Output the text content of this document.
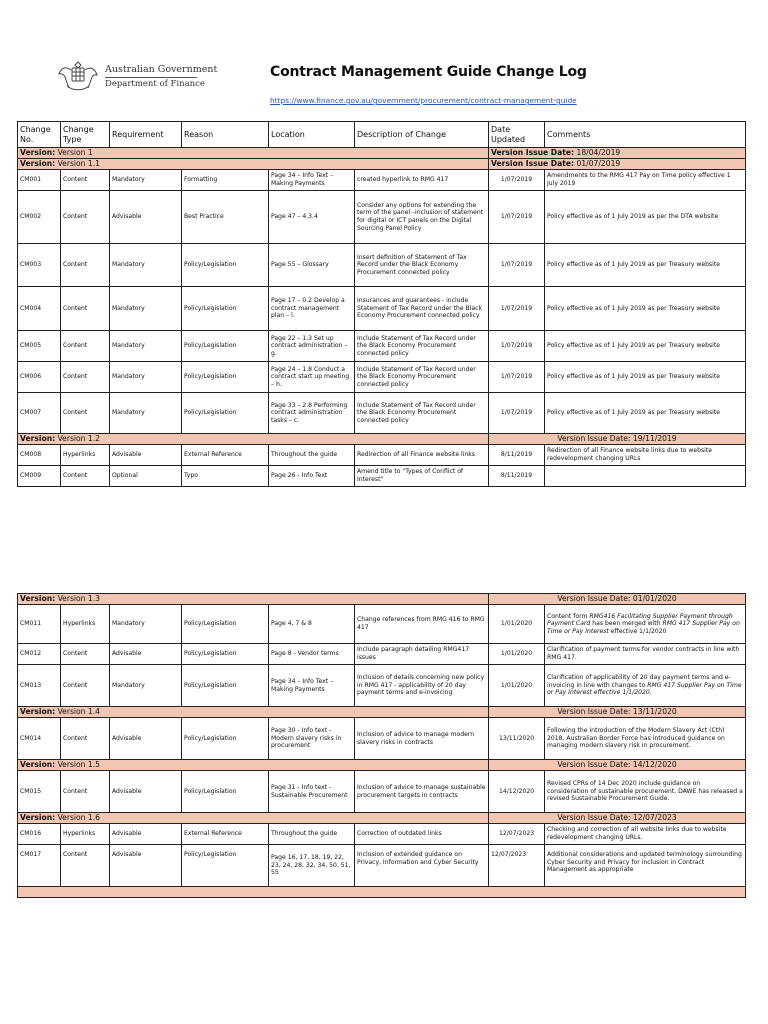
Australian Government
Department of Finance
Contract Management Guide Change Log
https://www.finance.gov.au/government/procurement/contract-management-guide
Change No.	Change Type	Requirement	Reason	Location	Description of Change	Date Updated	Comments
Version: Version 1						Version Issue Date: 18/04/2019	
Version: Version 1.1						Version Issue Date: 01/07/2019	
CM001	Content	Mandatory	Formatting	Page 34 – Info Text – Making Payments	created hyperlink to RMG 417	1/07/2019	Amendments to the RMG 417 Pay on Time policy effective 1 July 2019
CM002	Content	Advisable	Best Practice	Page 47 – 4.3.4	Consider any options for extending the term of the panel –inclusion of statement for digital or ICT panels on the Digital Sourcing Panel Policy	1/07/2019	Policy effective as of 1 July 2019 as per the DTA website
CM003	Content	Mandatory	Policy/Legislation	Page 55 – Glossary	Insert definition of Statement of Tax Record under the Black Economy Procurement connected policy	1/07/2019	Policy effective as of 1 July 2019 as per Treasury website
CM004	Content	Mandatory	Policy/Legislation	Page 17 – 0.2 Develop a contract management plan – l.	Insurances and guarantees - include Statement of Tax Record under the Black Economy Procurement connected policy	1/07/2019	Policy effective as of 1 July 2019 as per Treasury website
CM005	Content	Mandatory	Policy/Legislation	Page 22 – 1.3 Set up contract administration – g.	Include Statement of Tax Record under the Black Economy Procurement connected policy	1/07/2019	Policy effective as of 1 July 2019 as per Treasury website
CM006	Content	Mandatory	Policy/Legislation	Page 24 – 1.8 Conduct a contract start up meeting – h.	Include Statement of Tax Record under the Black Economy Procurement connected policy	1/07/2019	Policy effective as of 1 July 2019 as per Treasury website
CM007	Content	Mandatory	Policy/Legislation	Page 33 – 2.8 Performing contract administration tasks – c.	Include Statement of Tax Record under the Black Economy Procurement connected policy	1/07/2019	Policy effective as of 1 July 2019 as per Treasury website
Version: Version 1.2						Version Issue Date: 19/11/2019	
CM008	Hyperlinks	Advisable	External Reference	Throughout the guide	Redirection of all Finance website links	8/11/2019	Redirection of all Finance website links due to website redevelopment changing URLs
CM009	Content	Optional	Typo	Page 26 - Info Text	Amend title to "Types of Conflict of Interest"	8/11/2019	
Version: Version 1.3						Version Issue Date: 01/01/2020	
CM011	Hyperlinks	Mandatory	Policy/Legislation	Page 4, 7 & 8	Change references from RMG 416 to RMG 417	1/01/2020	Content form RMG416 Facilitating Supplier Payment through Payment Card has been merged with RMG 417 Supplier Pay on Time or Pay Interest effective 1/1/2020
CM012	Content	Advisable	Policy/Legislation	Page 8 - Vendor terms	Include paragraph detailing RMG417 issues	1/01/2020	Clarification of payment terms for vendor contracts in line with RMG 417.
CM013	Content	Mandatory	Policy/Legislation	Page 34 – Info Text – Making Payments	Inclusion of details concerning new policy in RMG 417 - applicability of 20 day payment terms and e-invoicing	1/01/2020	Clarification of applicability of 20 day payment terms and e-invoicing in line with changes to RMG 417 Supplier Pay on Time or Pay Interest effective 1/1/2020.
Version: Version 1.4						Version Issue Date: 13/11/2020	
CM014	Content	Advisable	Policy/Legislation	Page 30 - Info text - Modern slavery risks in procurement	Inclusion of advice to manage modern slavery risks in contracts	13/11/2020	Following the introduction of the Modern Slavery Act (Cth) 2018, Australian Border Force has introduced guidance on managing modern slavery risk in procurement.
Version: Version 1.5						Version Issue Date: 14/12/2020	
CM015	Content	Advisable	Policy/Legislation	Page 31 - Info text - Sustainable Procurement	Inclusion of advice to manage sustainable procurement targets in contracts	14/12/2020	Revised CPRs of 14 Dec 2020 include guidance on consideration of sustainable procurement. DAWE has released a revised Sustainable Procurement Guide.
Version: Version 1.6						Version Issue Date: 12/07/2023	
CM016	Hyperlinks	Advisable	External Reference	Throughout the guide	Correction of outdated links	12/07/2023	Checking and correction of all website links due to website redevelopment changing URLs.
CM017	Content	Advisable	Policy/Legislation	Page 16, 17, 18, 19, 22, 23, 24, 28, 32, 34, 50, 51, 55	Inclusion of extended guidance on Privacy, Information and Cyber Security	12/07/2023	Additional considerations and updated terminology surrounding Cyber Security and Privacy for inclusion in Contract Management as appropriate
